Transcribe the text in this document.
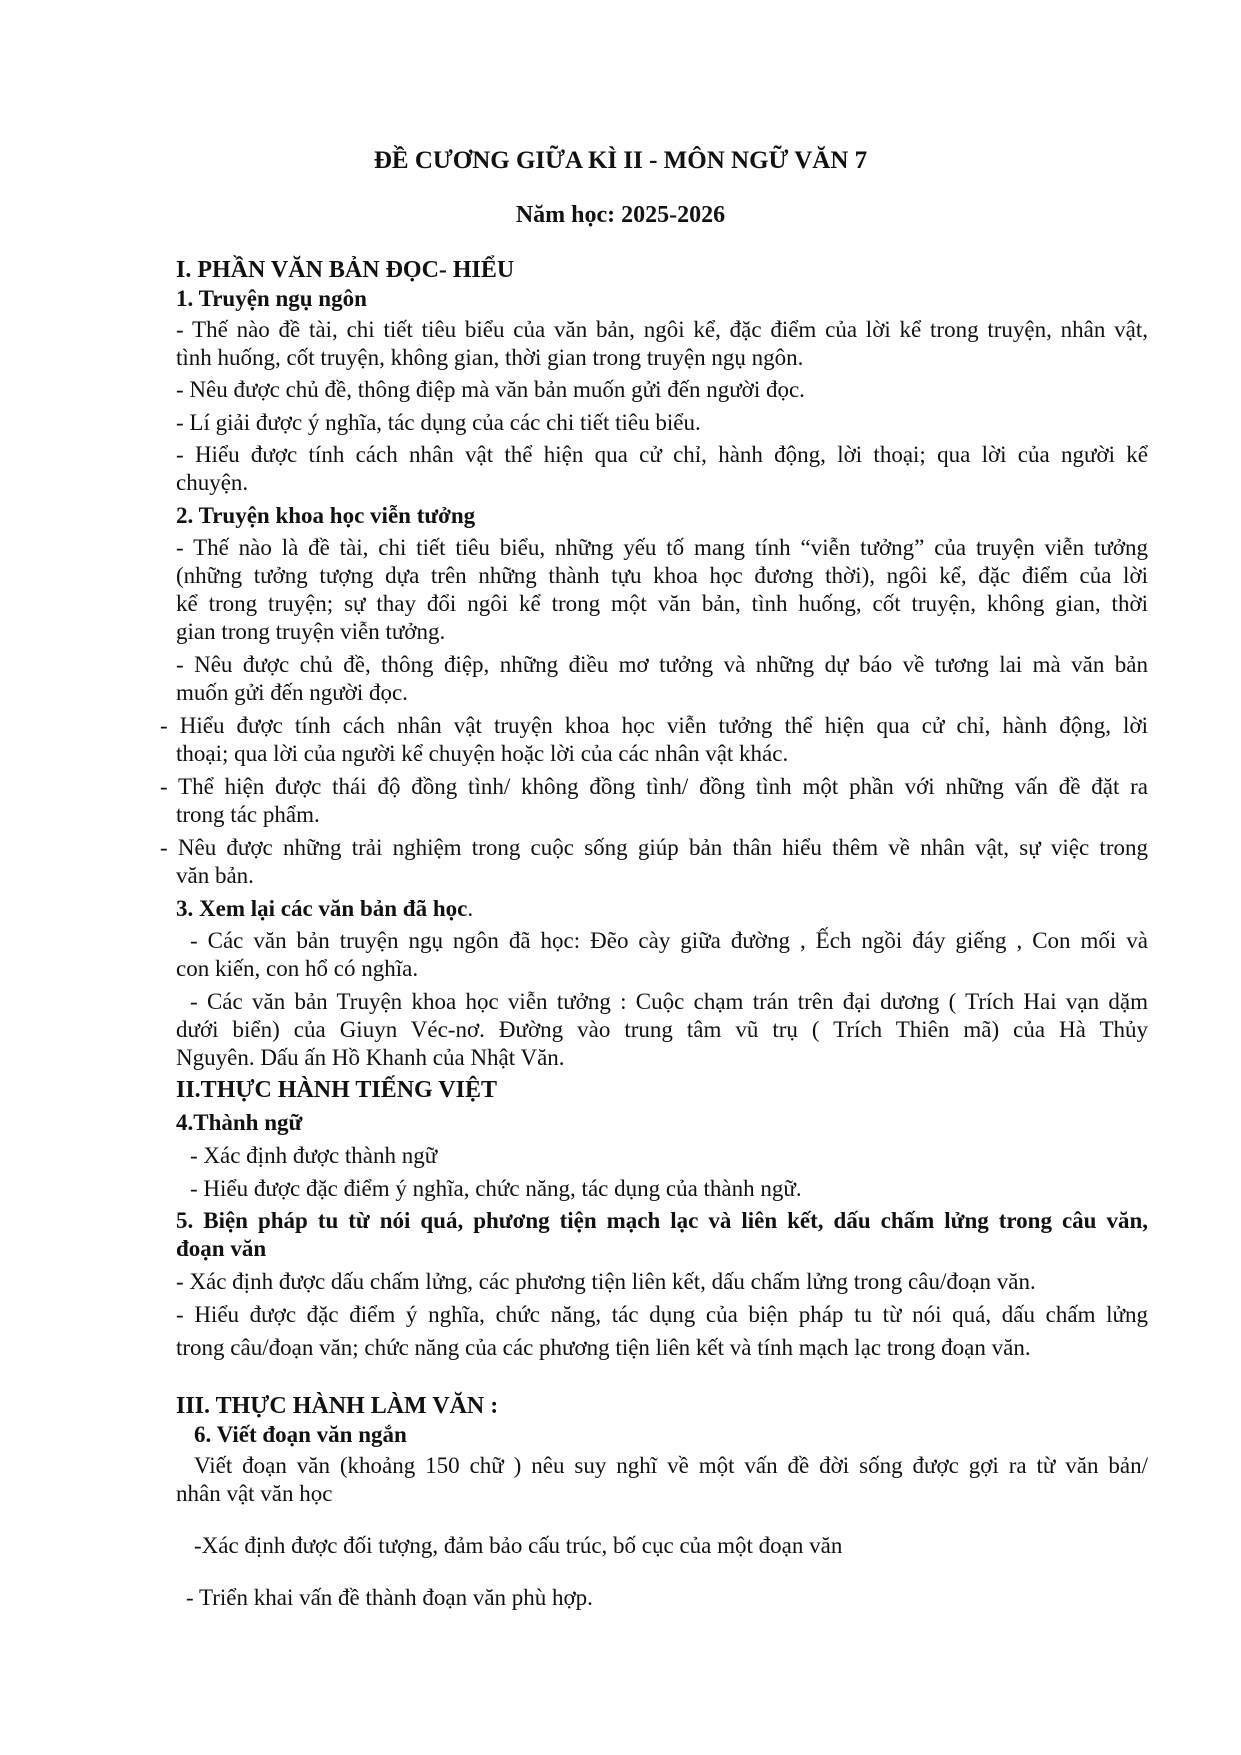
ĐỀ CƯƠNG GIỮA KÌ II - MÔN NGỮ VĂN 7

Năm học: 2025-2026

I. PHẦN VĂN BẢN ĐỌC- HIỂU

1. Truyện ngụ ngôn

- Thế nào đề tài, chi tiết tiêu biểu của văn bản, ngôi kể, đặc điểm của lời kể trong truyện, nhân vật,

tình huống, cốt truyện, không gian, thời gian trong truyện ngụ ngôn.

- Nêu được chủ đề, thông điệp mà văn bản muốn gửi đến người đọc.

- Lí giải được ý nghĩa, tác dụng của các chi tiết tiêu biểu.

- Hiểu được tính cách nhân vật thể hiện qua cử chỉ, hành động, lời thoại; qua lời của người kể

chuyện.

2. Truyện khoa học viễn tưởng

- Thế nào là đề tài, chi tiết tiêu biểu, những yếu tố mang tính “viễn tưởng” của truyện viễn tưởng

(những tưởng tượng dựa trên những thành tựu khoa học đương thời), ngôi kể, đặc điểm của lời

kể trong truyện; sự thay đổi ngôi kể trong một văn bản, tình huống, cốt truyện, không gian, thời

gian trong truyện viễn tưởng.

- Nêu được chủ đề, thông điệp, những điều mơ tưởng và những dự báo về tương lai mà văn bản

muốn gửi đến người đọc.

- Hiểu được tính cách nhân vật truyện khoa học viễn tưởng thể hiện qua cử chỉ, hành động, lời

thoại; qua lời của người kể chuyện hoặc lời của các nhân vật khác.

- Thể hiện được thái độ đồng tình/ không đồng tình/ đồng tình một phần với những vấn đề đặt ra

trong tác phẩm.

- Nêu được những trải nghiệm trong cuộc sống giúp bản thân hiểu thêm về nhân vật, sự việc trong

văn bản.

3. Xem lại các văn bản đã học.

- Các văn bản truyện ngụ ngôn đã học: Đẽo cày giữa đường , Ếch ngồi đáy giếng , Con mối và

con kiến, con hổ có nghĩa.

- Các văn bản Truyện khoa học viễn tưởng : Cuộc chạm trán trên đại dương ( Trích Hai vạn dặm

dưới biển) của Giuyn Véc-nơ. Đường vào trung tâm vũ trụ ( Trích Thiên mã) của Hà Thủy

Nguyên. Dấu ấn Hồ Khanh của Nhật Văn.

II.THỰC HÀNH TIẾNG VIỆT

4.Thành ngữ

- Xác định được thành ngữ

- Hiểu được đặc điểm ý nghĩa, chức năng, tác dụng của thành ngữ.

5. Biện pháp tu từ nói quá, phương tiện mạch lạc và liên kết, dấu chấm lửng trong câu văn,

đoạn văn

- Xác định được dấu chấm lửng, các phương tiện liên kết, dấu chấm lửng trong câu/đoạn văn.

- Hiểu được đặc điểm ý nghĩa, chức năng, tác dụng của biện pháp tu từ nói quá, dấu chấm lửng

trong câu/đoạn văn; chức năng của các phương tiện liên kết và tính mạch lạc trong đoạn văn.

III. THỰC HÀNH LÀM VĂN :

6. Viết đoạn văn ngắn

Viết đoạn văn (khoảng 150 chữ ) nêu suy nghĩ về một vấn đề đời sống được gợi ra từ văn bản/

nhân vật văn học

-Xác định được đối tượng, đảm bảo cấu trúc, bố cục của một đoạn văn

- Triển khai vấn đề thành đoạn văn phù hợp.
